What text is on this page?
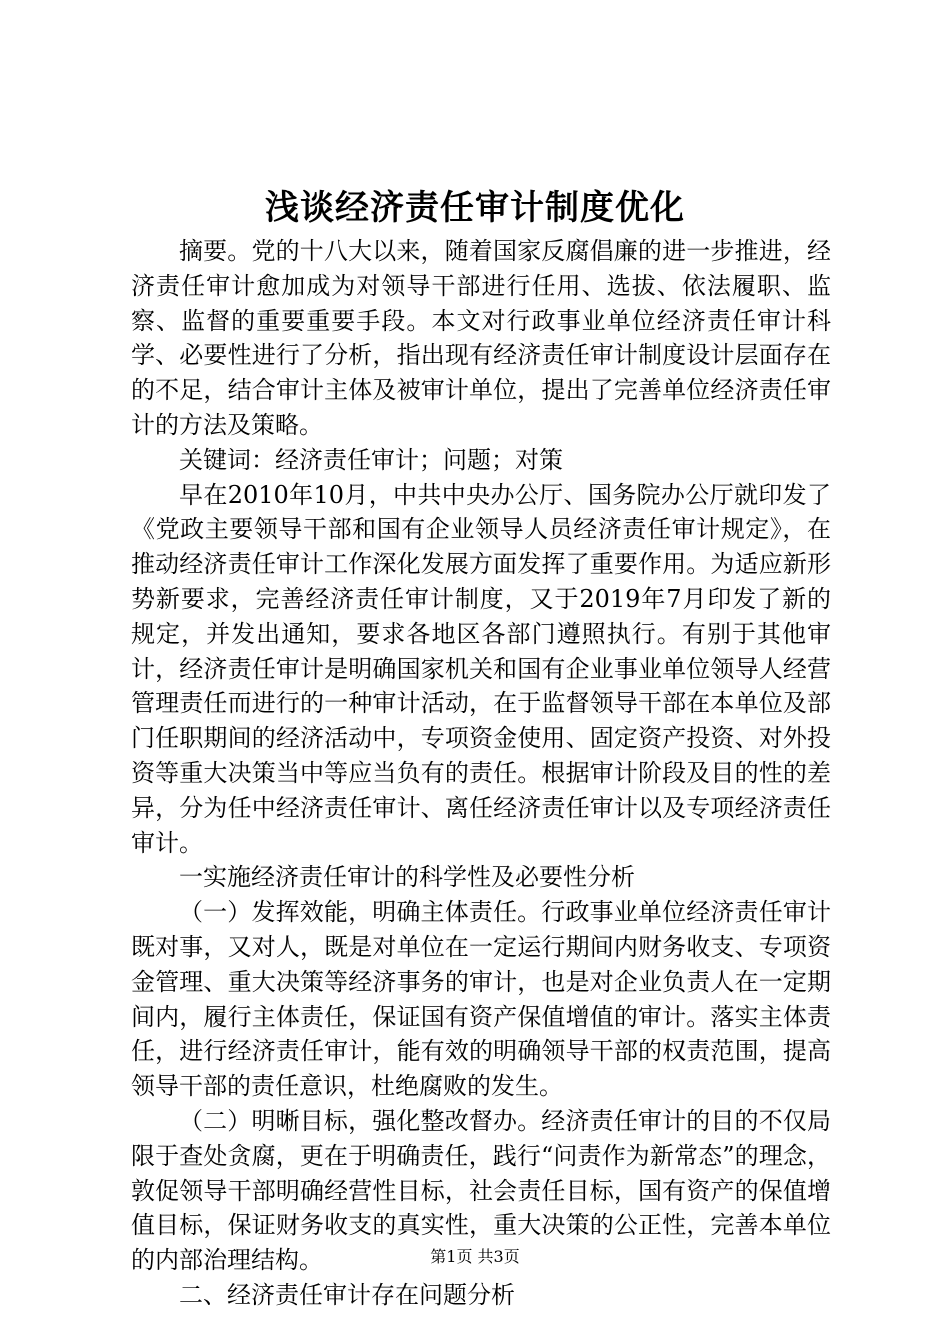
浅谈经济责任审计制度优化

摘要。党的十八大以来，随着国家反腐倡廉的进一步推进，经济责任审计愈加成为对领导干部进行任用、选拔、依法履职、监察、监督的重要重要手段。本文对行政事业单位经济责任审计科学、必要性进行了分析，指出现有经济责任审计制度设计层面存在的不足，结合审计主体及被审计单位，提出了完善单位经济责任审计的方法及策略。

关键词：经济责任审计；问题；对策

早在2010年10月，中共中央办公厅、国务院办公厅就印发了《党政主要领导干部和国有企业领导人员经济责任审计规定》，在推动经济责任审计工作深化发展方面发挥了重要作用。为适应新形势新要求，完善经济责任审计制度，又于2019年7月印发了新的规定，并发出通知，要求各地区各部门遵照执行。有别于其他审计，经济责任审计是明确国家机关和国有企业事业单位领导人经营管理责任而进行的一种审计活动，在于监督领导干部在本单位及部门任职期间的经济活动中，专项资金使用、固定资产投资、对外投资等重大决策当中等应当负有的责任。根据审计阶段及目的性的差异，分为任中经济责任审计、离任经济责任审计以及专项经济责任审计。

一实施经济责任审计的科学性及必要性分析

（一）发挥效能，明确主体责任。行政事业单位经济责任审计既对事，又对人，既是对单位在一定运行期间内财务收支、专项资金管理、重大决策等经济事务的审计，也是对企业负责人在一定期间内，履行主体责任，保证国有资产保值增值的审计。落实主体责任，进行经济责任审计，能有效的明确领导干部的权责范围，提高领导干部的责任意识，杜绝腐败的发生。

（二）明晰目标，强化整改督办。经济责任审计的目的不仅局限于查处贪腐，更在于明确责任，践行“问责作为新常态”的理念，敦促领导干部明确经营性目标，社会责任目标，国有资产的保值增值目标，保证财务收支的真实性，重大决策的公正性，完善本单位的内部治理结构。

二、经济责任审计存在问题分析

第1页 共3页
